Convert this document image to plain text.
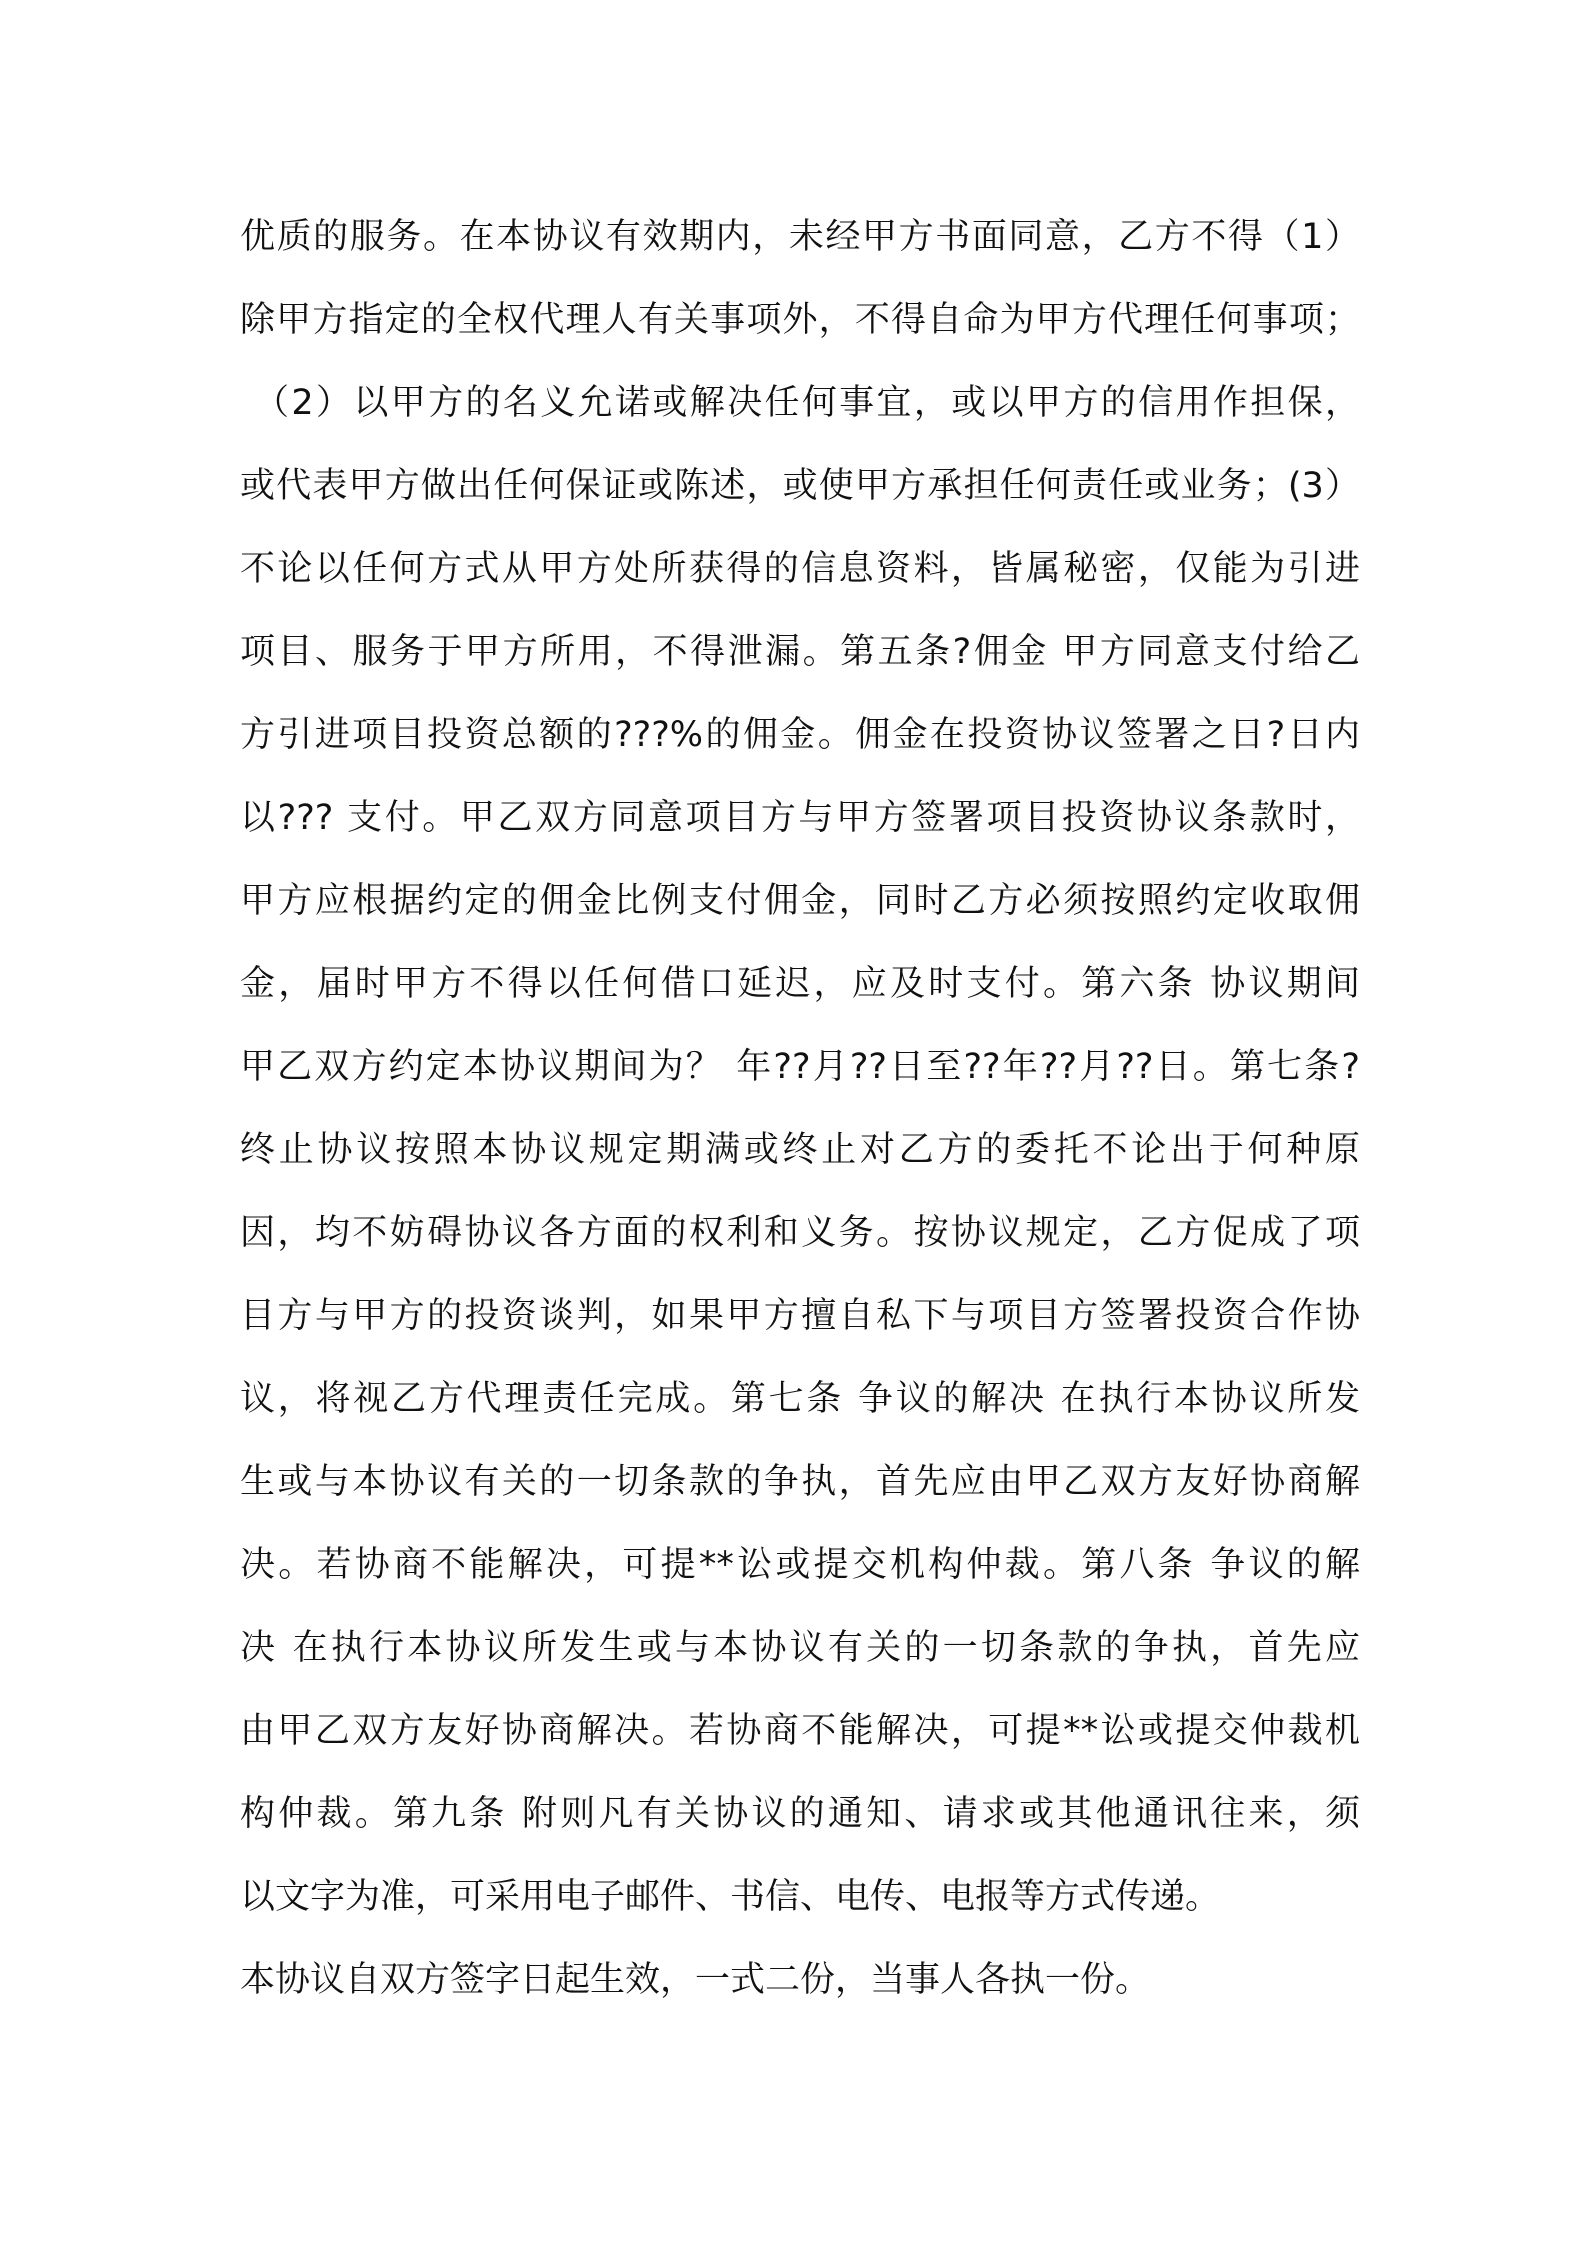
优质的服务。在本协议有效期内，未经甲方书面同意，乙方不得（1）
除甲方指定的全权代理人有关事项外，不得自命为甲方代理任何事项；
（2）以甲方的名义允诺或解决任何事宜，或以甲方的信用作担保，
或代表甲方做出任何保证或陈述，或使甲方承担任何责任或业务；(3）
不论以任何方式从甲方处所获得的信息资料，皆属秘密，仅能为引进
项目、服务于甲方所用，不得泄漏。第五条?佣金 甲方同意支付给乙
方引进项目投资总额的???%的佣金。佣金在投资协议签署之日?日内
以??? 支付。甲乙双方同意项目方与甲方签署项目投资协议条款时，
甲方应根据约定的佣金比例支付佣金，同时乙方必须按照约定收取佣
金，届时甲方不得以任何借口延迟，应及时支付。第六条 协议期间
甲乙双方约定本协议期间为？ 年??月??日至??年??月??日。第七条?
终止协议按照本协议规定期满或终止对乙方的委托不论出于何种原
因，均不妨碍协议各方面的权利和义务。按协议规定，乙方促成了项
目方与甲方的投资谈判，如果甲方擅自私下与项目方签署投资合作协
议，将视乙方代理责任完成。第七条 争议的解决 在执行本协议所发
生或与本协议有关的一切条款的争执，首先应由甲乙双方友好协商解
决。若协商不能解决，可提**讼或提交机构仲裁。第八条 争议的解
决 在执行本协议所发生或与本协议有关的一切条款的争执，首先应
由甲乙双方友好协商解决。若协商不能解决，可提**讼或提交仲裁机
构仲裁。第九条 附则凡有关协议的通知、请求或其他通讯往来，须
以文字为准，可采用电子邮件、书信、电传、电报等方式传递。
本协议自双方签字日起生效，一式二份，当事人各执一份。
